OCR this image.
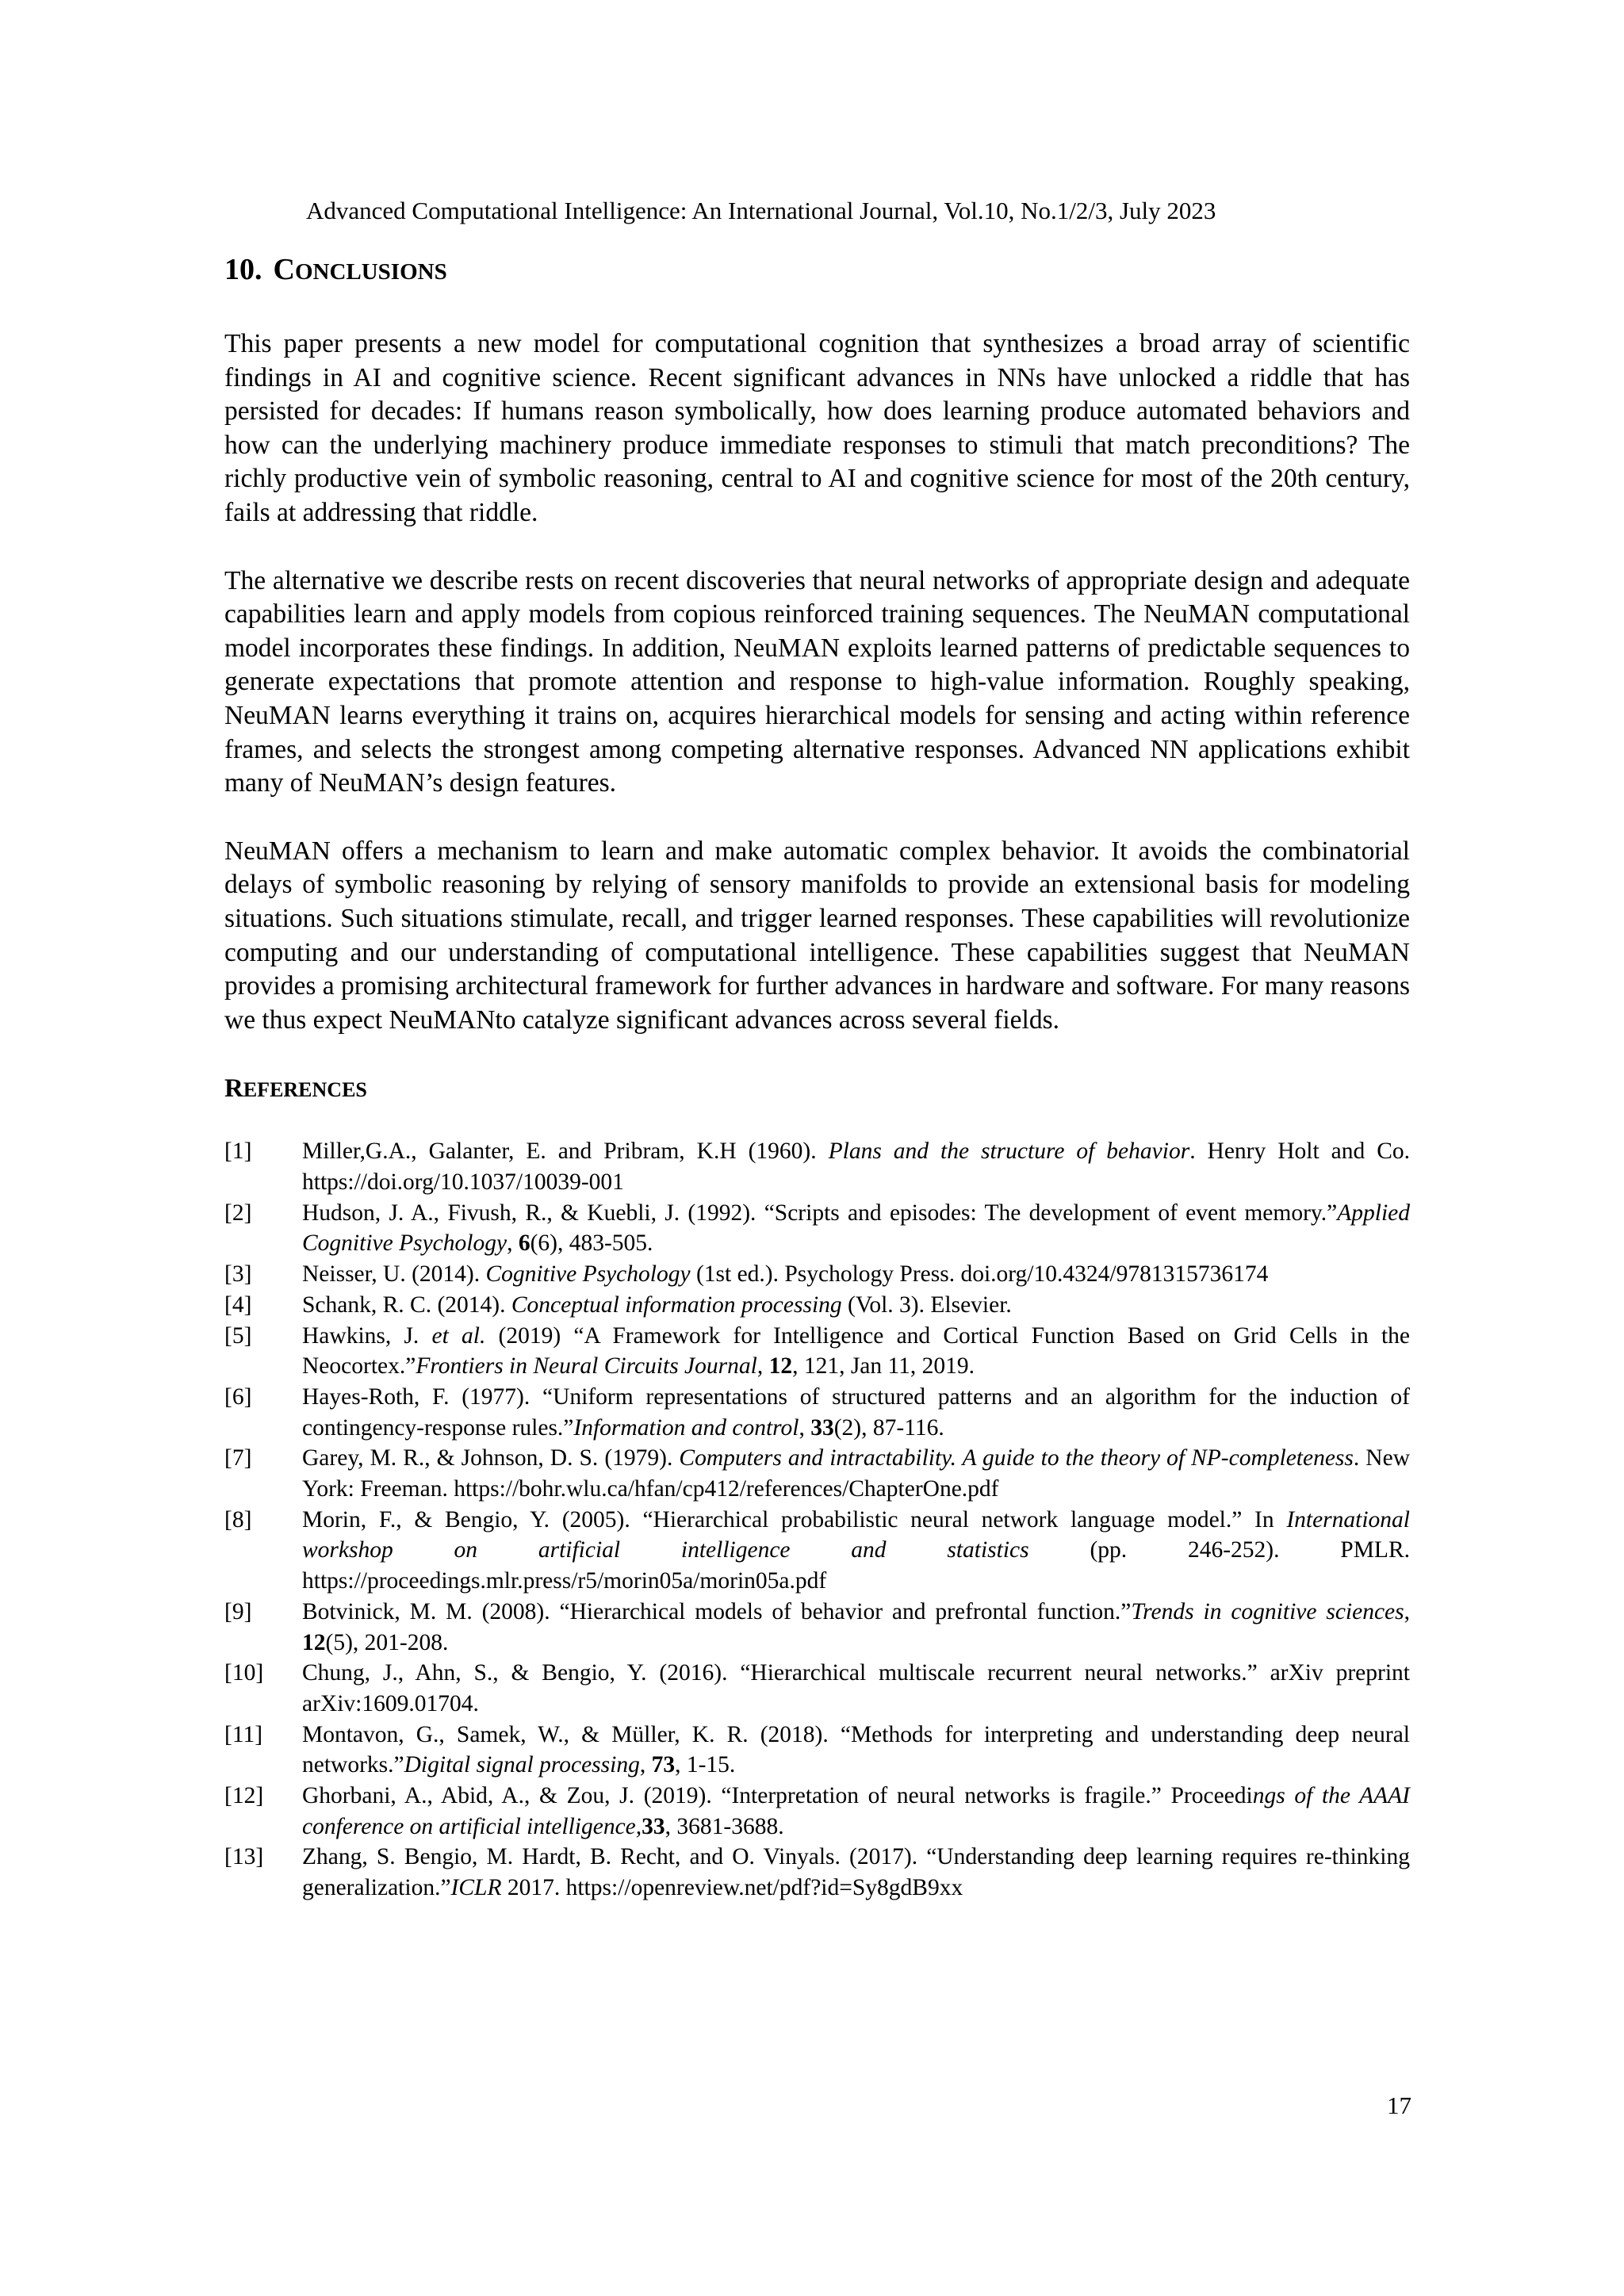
Advanced Computational Intelligence: An International Journal, Vol.10, No.1/2/3, July 2023
10. CONCLUSIONS

This paper presents a new model for computational cognition that synthesizes a broad array of scientific findings in AI and cognitive science. Recent significant advances in NNs have unlocked a riddle that has persisted for decades: If humans reason symbolically, how does learning produce automated behaviors and how can the underlying machinery produce immediate responses to stimuli that match preconditions? The richly productive vein of symbolic reasoning, central to AI and cognitive science for most of the 20th century, fails at addressing that riddle.

The alternative we describe rests on recent discoveries that neural networks of appropriate design and adequate capabilities learn and apply models from copious reinforced training sequences. The NeuMAN computational model incorporates these findings. In addition, NeuMAN exploits learned patterns of predictable sequences to generate expectations that promote attention and response to high-value information. Roughly speaking, NeuMAN learns everything it trains on, acquires hierarchical models for sensing and acting within reference frames, and selects the strongest among competing alternative responses. Advanced NN applications exhibit many of NeuMAN’s design features.

NeuMAN offers a mechanism to learn and make automatic complex behavior. It avoids the combinatorial delays of symbolic reasoning by relying of sensory manifolds to provide an extensional basis for modeling situations. Such situations stimulate, recall, and trigger learned responses. These capabilities will revolutionize computing and our understanding of computational intelligence. These capabilities suggest that NeuMAN provides a promising architectural framework for further advances in hardware and software. For many reasons we thus expect NeuMANto catalyze significant advances across several fields.

REFERENCES
[1]	Miller,G.A., Galanter, E. and Pribram, K.H (1960). Plans and the structure of behavior. Henry Holt and Co. https://doi.org/10.1037/10039-001
[2]	Hudson, J. A., Fivush, R., & Kuebli, J. (1992). “Scripts and episodes: The development of event memory.”Applied Cognitive Psychology, 6(6), 483-505.
[3]	Neisser, U. (2014). Cognitive Psychology (1st ed.). Psychology Press. doi.org/10.4324/9781315736174
[4]	Schank, R. C. (2014). Conceptual information processing (Vol. 3). Elsevier.
[5]	Hawkins, J. et al. (2019) “A Framework for Intelligence and Cortical Function Based on Grid Cells in the Neocortex.”Frontiers in Neural Circuits Journal, 12, 121, Jan 11, 2019.
[6]	Hayes-Roth, F. (1977). “Uniform representations of structured patterns and an algorithm for the induction of contingency-response rules.”Information and control, 33(2), 87-116.
[7]	Garey, M. R., & Johnson, D. S. (1979). Computers and intractability. A guide to the theory of NP-completeness. New York: Freeman. https://bohr.wlu.ca/hfan/cp412/references/ChapterOne.pdf
[8]	Morin, F., & Bengio, Y. (2005). “Hierarchical probabilistic neural network language model.” In International workshop on artificial intelligence and statistics (pp. 246-252). PMLR. https://proceedings.mlr.press/r5/morin05a/morin05a.pdf
[9]	Botvinick, M. M. (2008). “Hierarchical models of behavior and prefrontal function.”Trends in cognitive sciences, 12(5), 201-208.
[10]	Chung, J., Ahn, S., & Bengio, Y. (2016). “Hierarchical multiscale recurrent neural networks.” arXiv preprint arXiv:1609.01704.
[11]	Montavon, G., Samek, W., & Müller, K. R. (2018). “Methods for interpreting and understanding deep neural networks.”Digital signal processing, 73, 1-15.
[12]	Ghorbani, A., Abid, A., & Zou, J. (2019). “Interpretation of neural networks is fragile.” Proceedings of the AAAI conference on artificial intelligence,33, 3681-3688.
[13]	Zhang, S. Bengio, M. Hardt, B. Recht, and O. Vinyals. (2017). “Understanding deep learning requires re-thinking generalization.”ICLR 2017. https://openreview.net/pdf?id=Sy8gdB9xx
17
